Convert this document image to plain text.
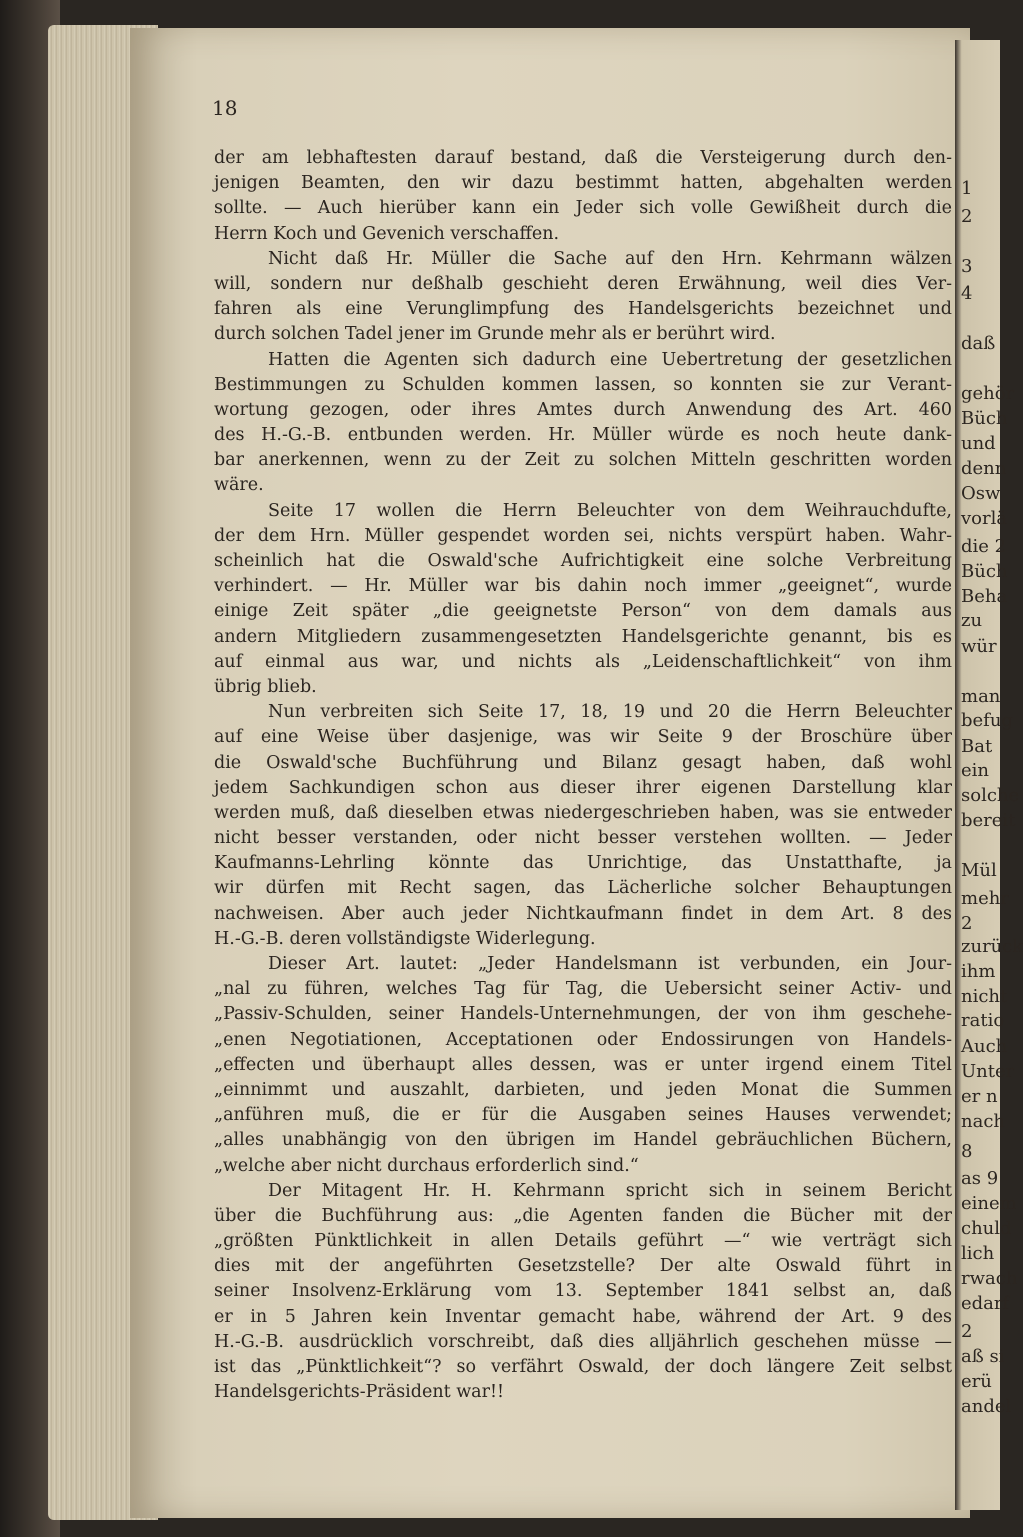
18
der am lebhaftesten darauf bestand, daß die Versteigerung durch den-
jenigen Beamten, den wir dazu bestimmt hatten, abgehalten werden
sollte. — Auch hierüber kann ein Jeder sich volle Gewißheit durch die
Herrn Koch und Gevenich verschaffen.
Nicht daß Hr. Müller die Sache auf den Hrn. Kehrmann wälzen
will, sondern nur deßhalb geschieht deren Erwähnung, weil dies Ver-
fahren als eine Verunglimpfung des Handelsgerichts bezeichnet und
durch solchen Tadel jener im Grunde mehr als er berührt wird.
Hatten die Agenten sich dadurch eine Uebertretung der gesetzlichen
Bestimmungen zu Schulden kommen lassen, so konnten sie zur Verant-
wortung gezogen, oder ihres Amtes durch Anwendung des Art. 460
des H.-G.-B. entbunden werden. Hr. Müller würde es noch heute dank-
bar anerkennen, wenn zu der Zeit zu solchen Mitteln geschritten worden
wäre.
Seite 17 wollen die Herrn Beleuchter von dem Weihrauchdufte,
der dem Hrn. Müller gespendet worden sei, nichts verspürt haben. Wahr-
scheinlich hat die Oswald'sche Aufrichtigkeit eine solche Verbreitung
verhindert. — Hr. Müller war bis dahin noch immer „geeignet“, wurde
einige Zeit später „die geeignetste Person“ von dem damals aus
andern Mitgliedern zusammengesetzten Handelsgerichte genannt, bis es
auf einmal aus war, und nichts als „Leidenschaftlichkeit“ von ihm
übrig blieb.
Nun verbreiten sich Seite 17, 18, 19 und 20 die Herrn Beleuchter
auf eine Weise über dasjenige, was wir Seite 9 der Broschüre über
die Oswald'sche Buchführung und Bilanz gesagt haben, daß wohl
jedem Sachkundigen schon aus dieser ihrer eigenen Darstellung klar
werden muß, daß dieselben etwas niedergeschrieben haben, was sie entweder
nicht besser verstanden, oder nicht besser verstehen wollten. — Jeder
Kaufmanns-Lehrling könnte das Unrichtige, das Unstatthafte, ja
wir dürfen mit Recht sagen, das Lächerliche solcher Behauptungen
nachweisen. Aber auch jeder Nichtkaufmann findet in dem Art. 8 des
H.-G.-B. deren vollständigste Widerlegung.
Dieser Art. lautet: „Jeder Handelsmann ist verbunden, ein Jour-
„nal zu führen, welches Tag für Tag, die Uebersicht seiner Activ- und
„Passiv-Schulden, seiner Handels-Unternehmungen, der von ihm geschehe-
„enen Negotiationen, Acceptationen oder Endossirungen von Handels-
„effecten und überhaupt alles dessen, was er unter irgend einem Titel
„einnimmt und auszahlt, darbieten, und jeden Monat die Summen
„anführen muß, die er für die Ausgaben seines Hauses verwendet;
„alles unabhängig von den übrigen im Handel gebräuchlichen Büchern,
„welche aber nicht durchaus erforderlich sind.“
Der Mitagent Hr. H. Kehrmann spricht sich in seinem Bericht
über die Buchführung aus: „die Agenten fanden die Bücher mit der
„größten Pünktlichkeit in allen Details geführt —“ wie verträgt sich
dies mit der angeführten Gesetzstelle? Der alte Oswald führt in
seiner Insolvenz-Erklärung vom 13. September 1841 selbst an, daß
er in 5 Jahren kein Inventar gemacht habe, während der Art. 9 des
H.-G.-B. ausdrücklich vorschreibt, daß dies alljährlich geschehen müsse —
ist das „Pünktlichkeit“? so verfährt Oswald, der doch längere Zeit selbst
Handelsgerichts-Präsident war!!
1
2
3
4
daß
gehör
Büch
und
denn
Osw
vorlä
die 2
Büch
Beha
zu
wür
man
befug
Bat
ein
solche
bereit
Mül
mehr
2
zurück
ihm
nicht
ratio
Auch
Unter
er n
nach
8
as 9
einem
chuld
lich
rwach
edarf
2
aß si
erü
andel
